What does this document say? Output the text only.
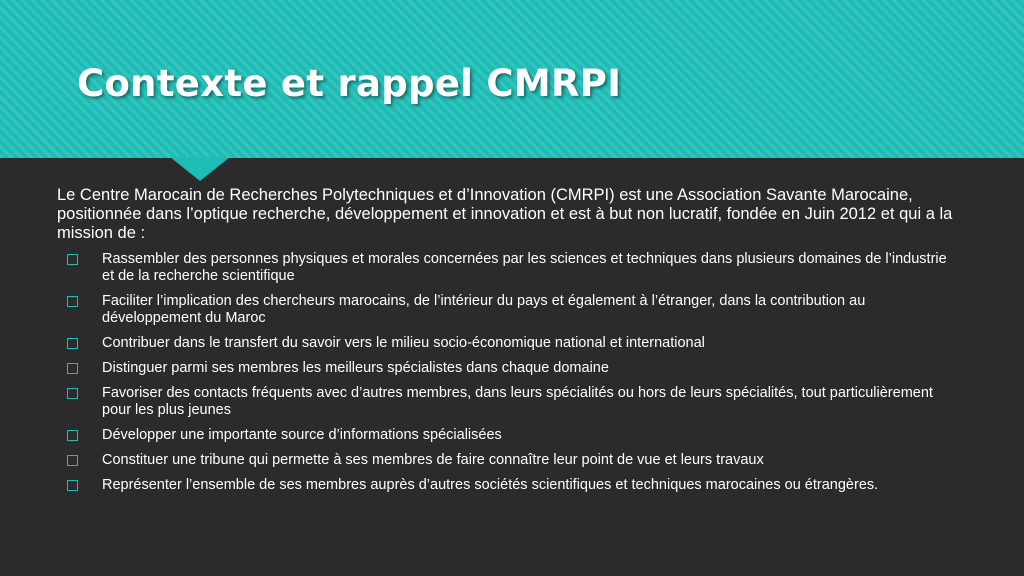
Contexte et rappel CMRPI

Le Centre Marocain de Recherches Polytechniques et d’Innovation (CMRPI) est une Association Savante Marocaine, positionnée dans l’optique recherche, développement et innovation et est à but non lucratif, fondée en Juin 2012 et qui a la mission de :

Rassembler des personnes physiques et morales concernées par les sciences et techniques dans plusieurs domaines de l’industrie et de la recherche scientifique
Faciliter l’implication des chercheurs marocains, de l’intérieur du pays et également à l’étranger, dans la contribution au développement du Maroc
Contribuer dans le transfert du savoir vers le milieu socio-économique national et international
Distinguer parmi ses membres les meilleurs spécialistes dans chaque domaine
Favoriser des contacts fréquents avec d’autres membres, dans leurs spécialités ou hors de leurs spécialités, tout particulièrement pour les plus jeunes
Développer une importante source d’informations spécialisées
Constituer une tribune qui permette à ses membres de faire connaître leur point de vue et leurs travaux
Représenter l’ensemble de ses membres auprès d’autres sociétés scientifiques et techniques marocaines ou étrangères.
